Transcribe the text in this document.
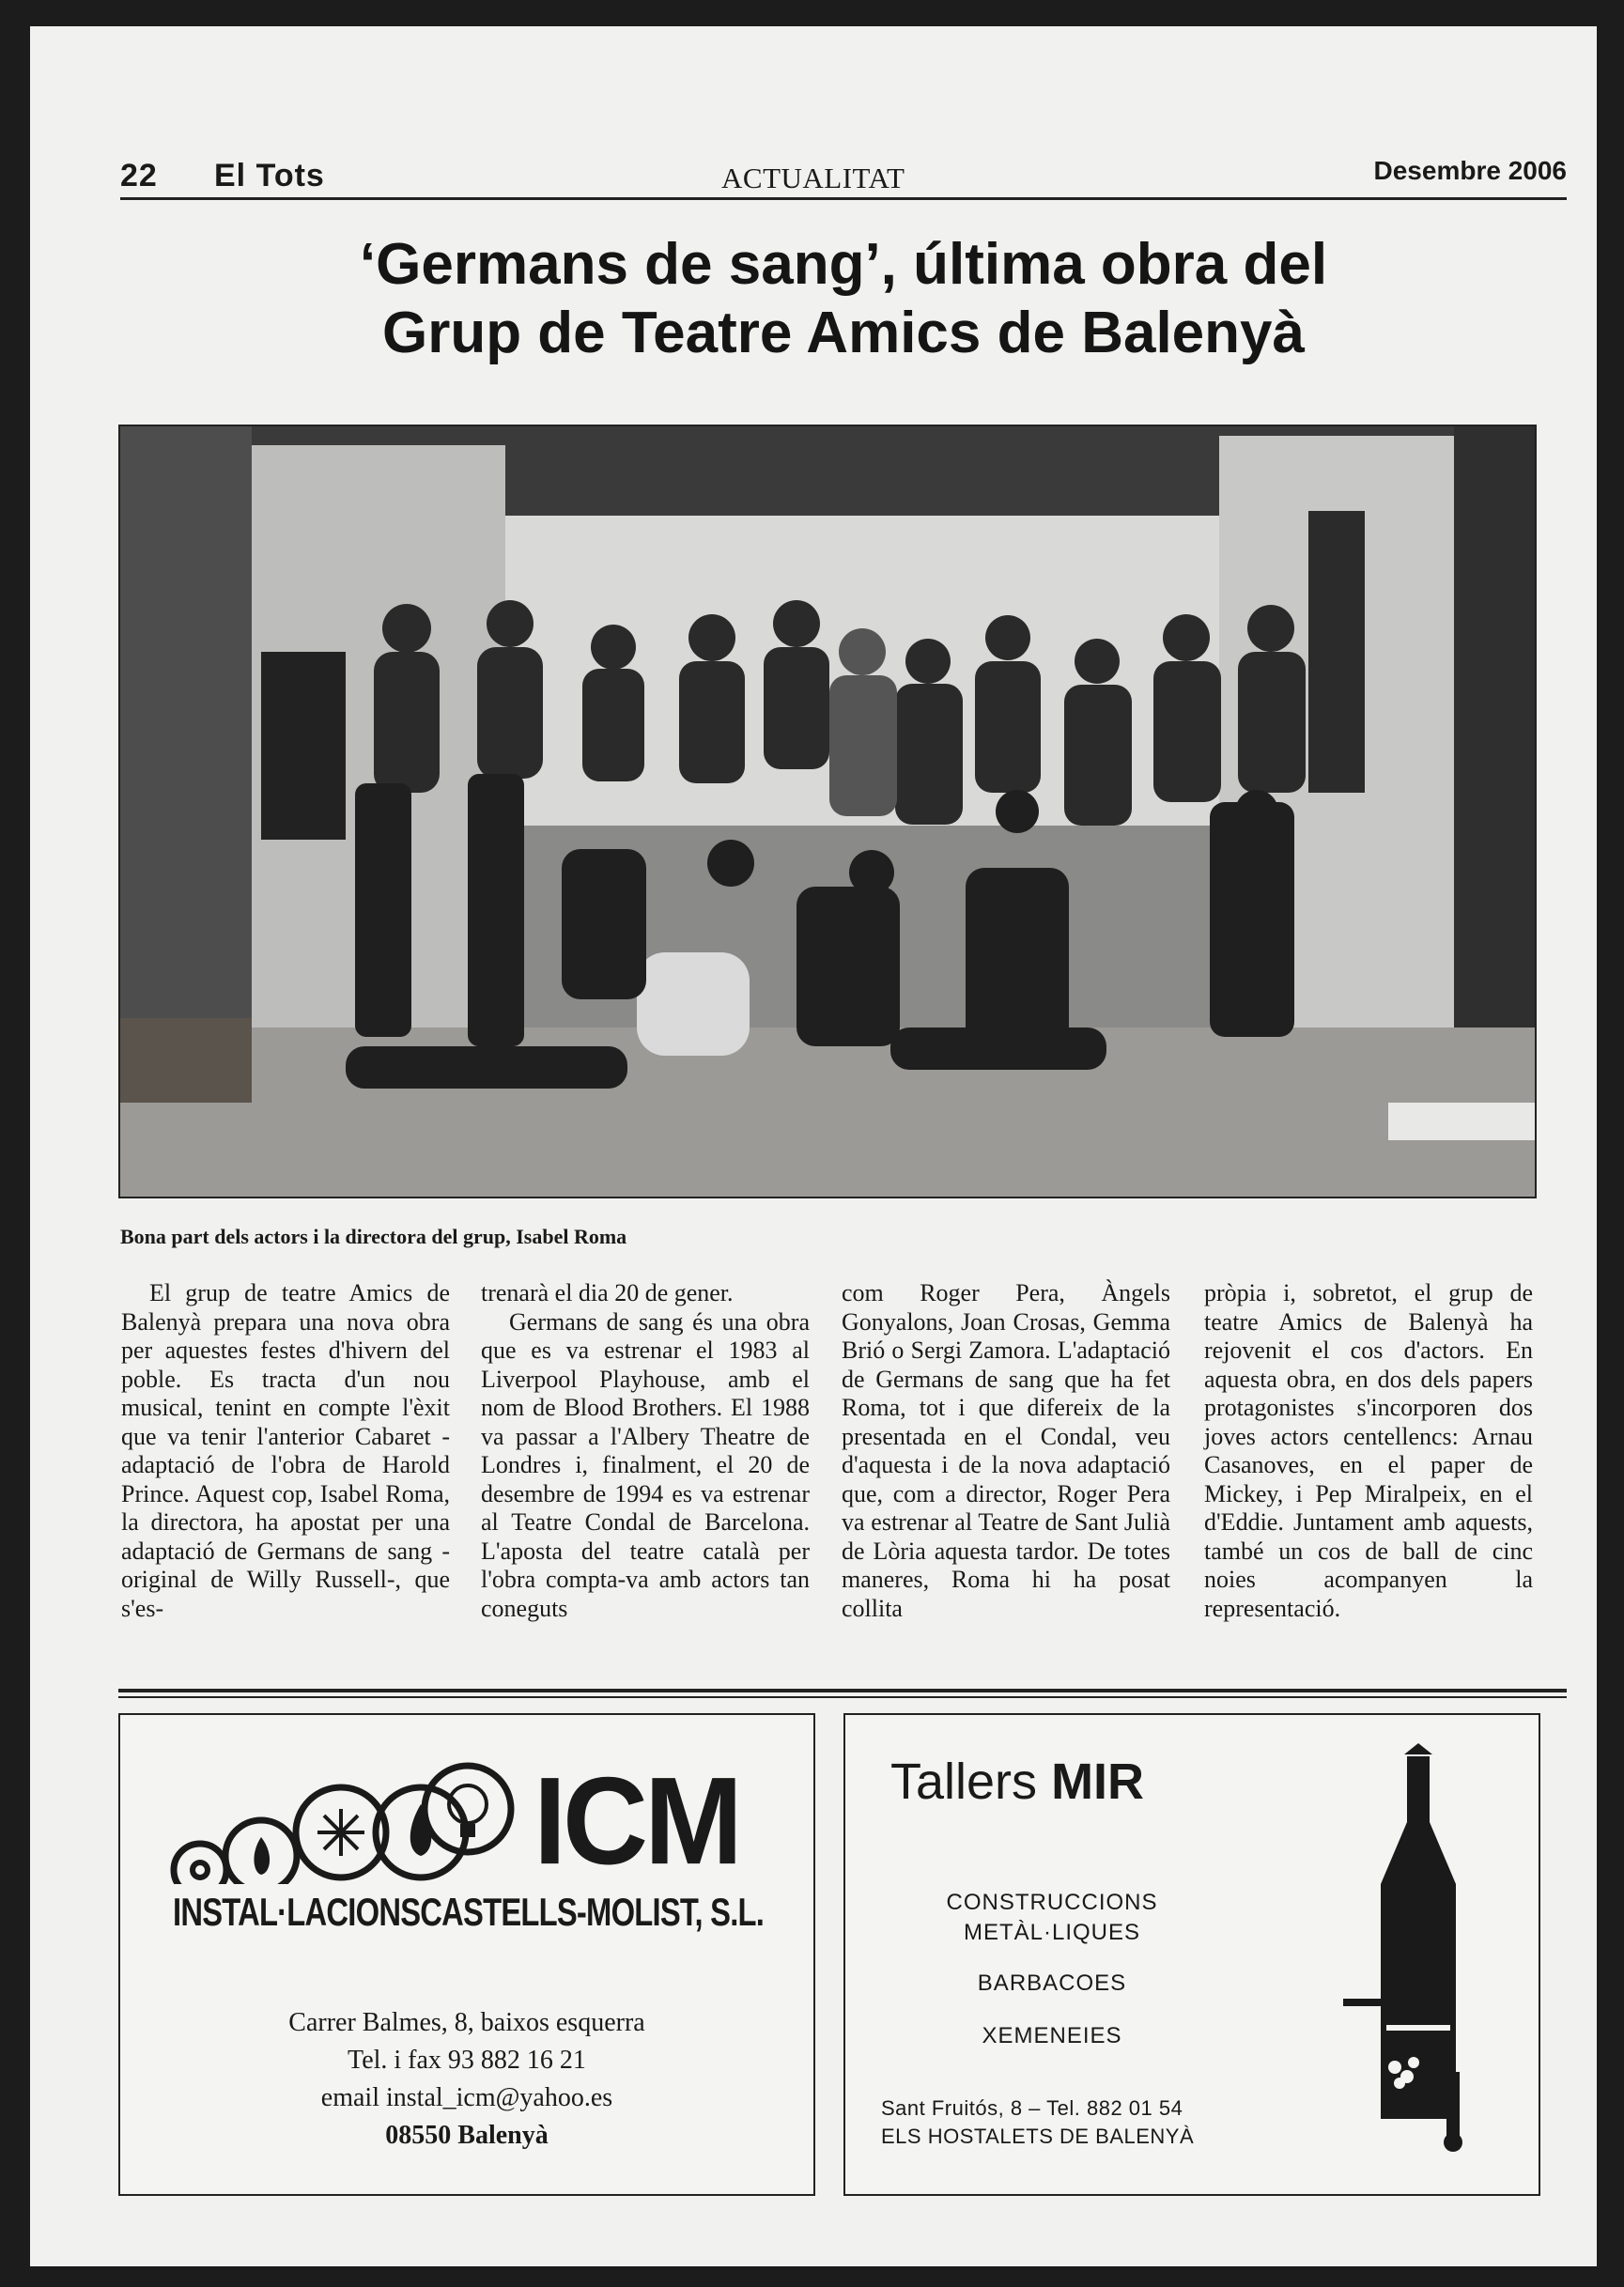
22 El Tots	ACTUALITAT	Desembre 2006
‘Germans de sang’, última obra del
Grup de Teatre Amics de Balenyà
Bona part dels actors i la directora del grup, Isabel Roma

El grup de teatre Amics de Balenyà prepara una nova obra per aquestes festes d'hivern del poble. Es tracta d'un nou musical, tenint en compte l'èxit que va tenir l'anterior Cabaret -adaptació de l'obra de Harold Prince. Aquest cop, Isabel Roma, la directora, ha apostat per una adaptació de Germans de sang -original de Willy Russell-, que s'es-

trenarà el dia 20 de gener.

Germans de sang és una obra que es va estrenar el 1983 al Liverpool Playhouse, amb el nom de Blood Brothers. El 1988 va passar a l'Albery Theatre de Londres i, finalment, el 20 de desembre de 1994 es va estrenar al Teatre Condal de Barcelona. L'aposta del teatre català per l'obra compta-va amb actors tan coneguts

com Roger Pera, Àngels Gonyalons, Joan Crosas, Gemma Brió o Sergi Zamora. L'adaptació de Germans de sang que ha fet Roma, tot i que difereix de la presentada en el Condal, veu d'aquesta i de la nova adaptació que, com a director, Roger Pera va estrenar al Teatre de Sant Julià de Lòria aquesta tardor. De totes maneres, Roma hi ha posat collita

pròpia i, sobretot, el grup de teatre Amics de Balenyà ha rejovenit el cos d'actors. En aquesta obra, en dos dels papers protagonistes s'incorporen dos joves actors centellencs: Arnau Casanoves, en el paper de Mickey, i Pep Miralpeix, en el d'Eddie. Juntament amb aquests, també un cos de ball de cinc noies acompanyen la representació.

ICM
INSTAL·LACIONSCASTELLS-MOLIST, S.L.
Carrer Balmes, 8, baixos esquerra
Tel. i fax 93 882 16 21
email instal_icm@yahoo.es
08550 Balenyà
Tallers MIR
CONSTRUCCIONS
METÀL·LIQUES
BARBACOES
XEMENEIES
Sant Fruitós, 8 – Tel. 882 01 54
ELS HOSTALETS DE BALENYÀ
